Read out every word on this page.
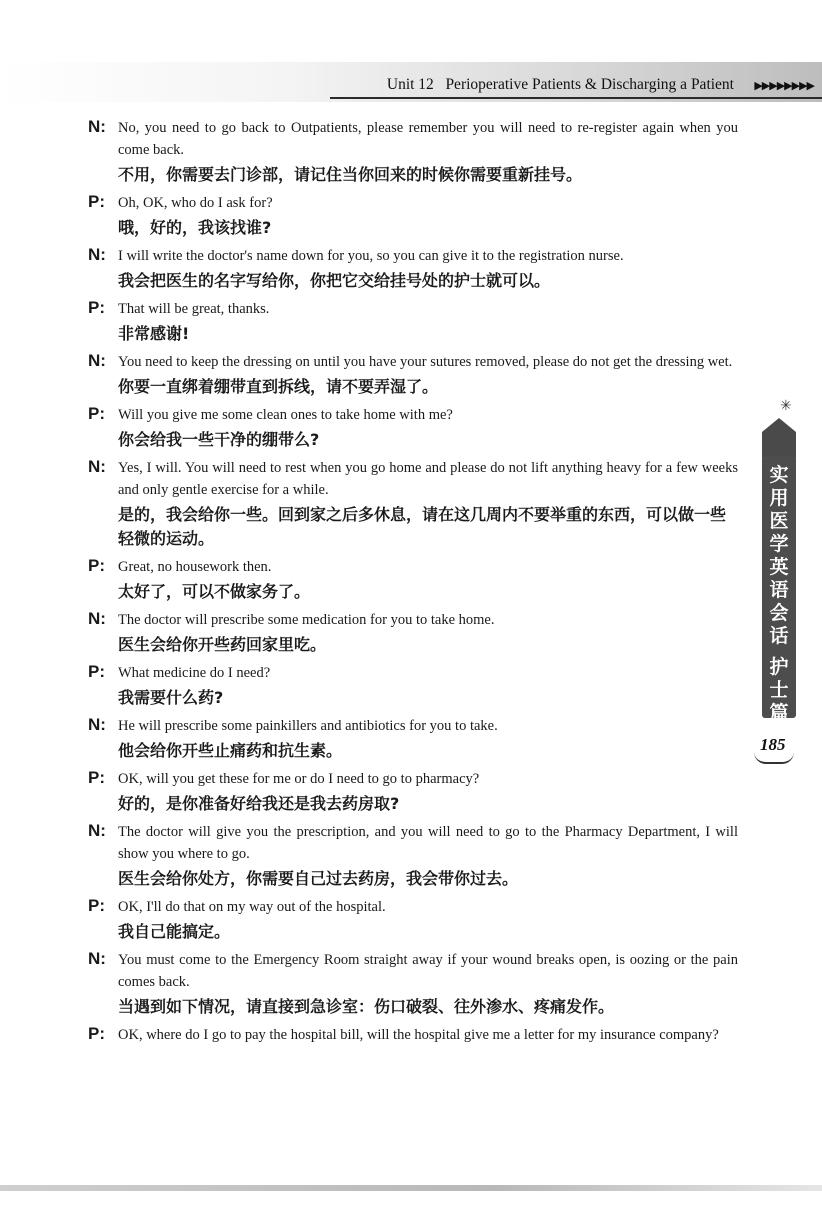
Unit 12 Perioperative Patients & Discharging a Patient ▶▶▶▶▶▶▶▶
N: No, you need to go back to Outpatients, please remember you will need to re-register again when you come back.
不用，你需要去门诊部，请记住当你回来的时候你需要重新挂号。
P: Oh, OK, who do I ask for?
哦，好的，我该找谁?
N: I will write the doctor's name down for you, so you can give it to the registration nurse.
我会把医生的名字写给你，你把它交给挂号处的护士就可以。
P: That will be great, thanks.
非常感谢!
N: You need to keep the dressing on until you have your sutures removed, please do not get the dressing wet.
你要一直绑着绷带直到拆线，请不要弄湿了。
P: Will you give me some clean ones to take home with me?
你会给我一些干净的绷带么?
N: Yes, I will. You will need to rest when you go home and please do not lift anything heavy for a few weeks and only gentle exercise for a while.
是的，我会给你一些。回到家之后多休息，请在这几周内不要举重的东西，可以做一些轻微的运动。
P: Great, no housework then.
太好了，可以不做家务了。
N: The doctor will prescribe some medication for you to take home.
医生会给你开些药回家里吃。
P: What medicine do I need?
我需要什么药?
N: He will prescribe some painkillers and antibiotics for you to take.
他会给你开些止痛药和抗生素。
P: OK, will you get these for me or do I need to go to pharmacy?
好的，是你准备好给我还是我去药房取?
N: The doctor will give you the prescription, and you will need to go to the Pharmacy Department, I will show you where to go.
医生会给你处方，你需要自己过去药房，我会带你过去。
P: OK, I'll do that on my way out of the hospital.
我自己能搞定。
N: You must come to the Emergency Room straight away if your wound breaks open, is oozing or the pain comes back.
当遇到如下情况，请直接到急诊室：伤口破裂、往外渗水、疼痛发作。
P: OK, where do I go to pay the hospital bill, will the hospital give me a letter for my insurance company?
✳
实用医学英语会话
护士篇
185
